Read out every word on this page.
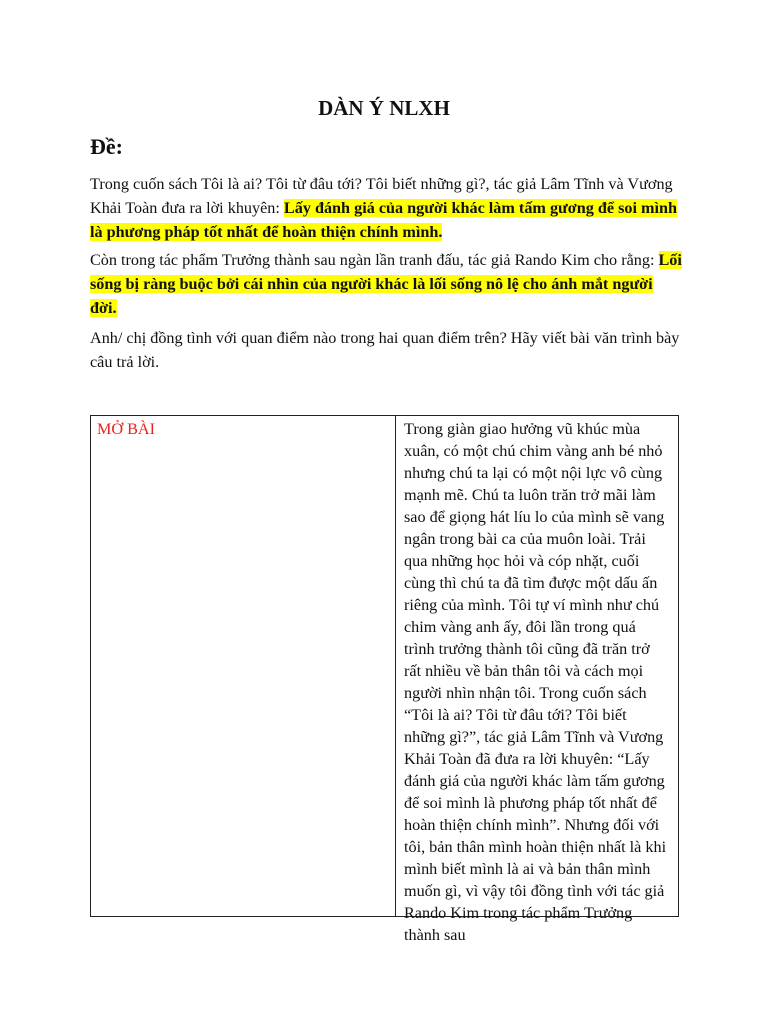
DÀN Ý NLXH
Đề:

Trong cuốn sách Tôi là ai? Tôi từ đâu tới? Tôi biết những gì?, tác giả Lâm Tĩnh và Vương Khải Toàn đưa ra lời khuyên: Lấy đánh giá của người khác làm tấm gương để soi mình là phương pháp tốt nhất để hoàn thiện chính mình.

Còn trong tác phẩm Trưởng thành sau ngàn lần tranh đấu, tác giả Rando Kim cho rằng: Lối sống bị ràng buộc bởi cái nhìn của người khác là lối sống nô lệ cho ánh mắt người đời.

Anh/ chị đồng tình với quan điểm nào trong hai quan điểm trên? Hãy viết bài văn trình bày câu trả lời.

MỞ BÀI	Trong giàn giao hưởng vũ khúc mùa xuân, có một chú chim vàng anh bé nhỏ nhưng chú ta lại có một nội lực vô cùng mạnh mẽ. Chú ta luôn trăn trở mãi làm sao để giọng hát líu lo của mình sẽ vang ngân trong bài ca của muôn loài. Trải qua những học hỏi và cóp nhặt, cuối cùng thì chú ta đã tìm được một dấu ấn riêng của mình. Tôi tự ví mình như chú chim vàng anh ấy, đôi lần trong quá trình trưởng thành tôi cũng đã trăn trở rất nhiều về bản thân tôi và cách mọi người nhìn nhận tôi. Trong cuốn sách “Tôi là ai? Tôi từ đâu tới? Tôi biết những gì?”, tác giả Lâm Tĩnh và Vương Khải Toàn đã đưa ra lời khuyên: “Lấy đánh giá của người khác làm tấm gương để soi mình là phương pháp tốt nhất để hoàn thiện chính mình”. Nhưng đối với tôi, bản thân mình hoàn thiện nhất là khi mình biết mình là ai và bản thân mình muốn gì, vì vậy tôi đồng tình với tác giả Rando Kim trong tác phẩm Trưởng thành sau
